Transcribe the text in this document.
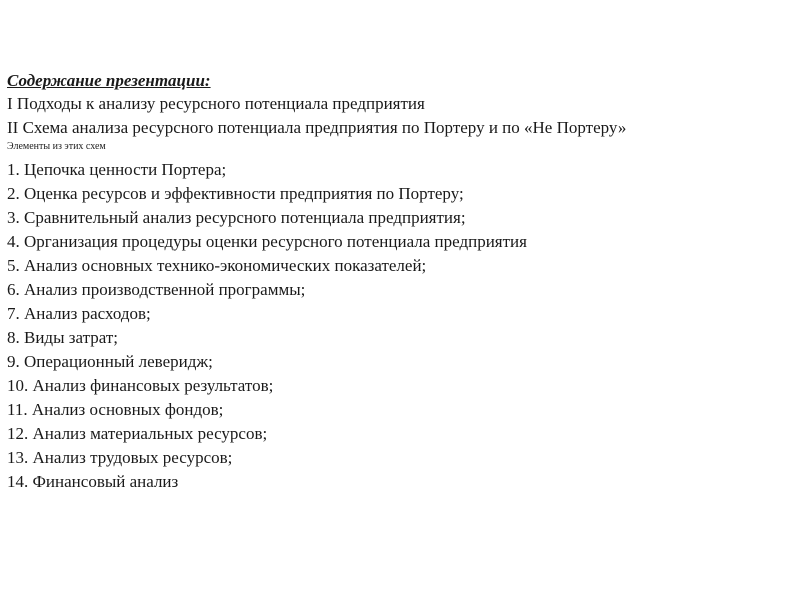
Содержание презентации:

I Подходы к анализу ресурсного потенциала предприятия

II Схема анализа ресурсного потенциала предприятия по Портеру и по «Не Портеру»

Элементы из этих схем

1. Цепочка ценности Портера;
2. Оценка ресурсов и эффективности предприятия по Портеру;
3. Сравнительный анализ ресурсного потенциала предприятия;
4. Организация процедуры оценки ресурсного потенциала предприятия
5. Анализ основных технико-экономических показателей;
6. Анализ производственной программы;
7. Анализ расходов;
8. Виды затрат;
9. Операционный леверидж;
10. Анализ финансовых результатов;
11. Анализ основных фондов;
12. Анализ материальных ресурсов;
13. Анализ трудовых ресурсов;
14. Финансовый анализ
